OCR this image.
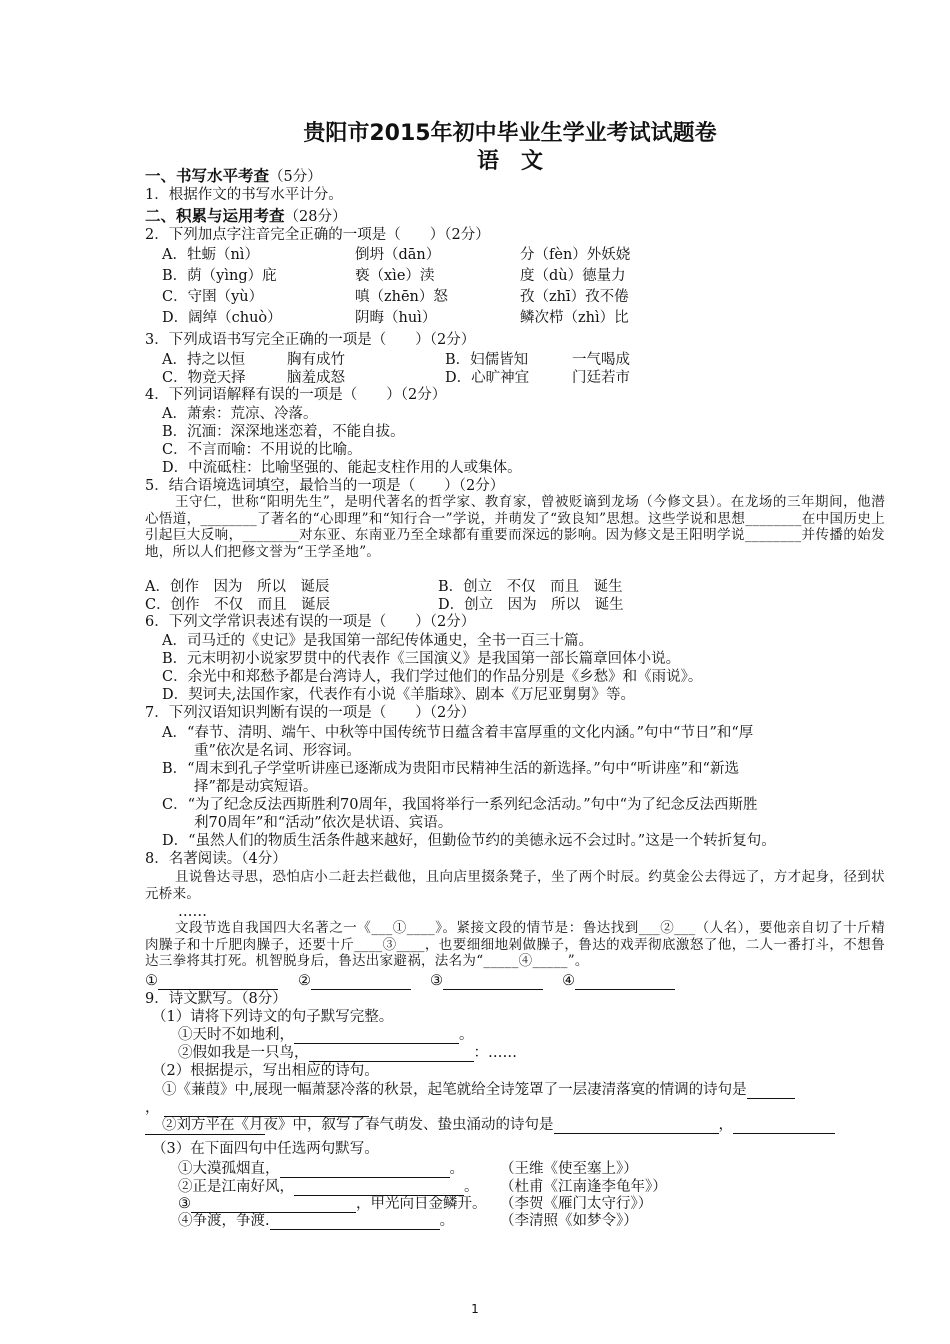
贵阳市2015年初中毕业生学业考试试题卷
语　文
一、书写水平考查（5分）
1．根据作文的书写水平计分。
二、积累与运用考查（28分）
2．下列加点字注音完全正确的一项是（　　）（2分）
A．牡蛎（nì）	倒坍（dān）	分（fèn）外妖娆
B．荫（yìng）庇	亵（xìe）渎	度（dù）德量力
C．守圉（yù）	嗔（zhēn）怒	孜（zhī）孜不倦
D．阔绰（chuò）	阴晦（huì）	鳞次栉（zhì）比
3．下列成语书写完全正确的一项是（　　）（2分）
A．持之以恒	胸有成竹	B．妇儒皆知	一气喝成
C．物竞天择	脑羞成怒	D．心旷神宜	门廷若市
4．下列词语解释有误的一项是（　　）（2分）
A．萧索：荒凉、冷落。
B．沉湎：深深地迷恋着，不能自拔。
C．不言而喻：不用说的比喻。
D．中流砥柱：比喻坚强的、能起支柱作用的人或集体。
5．结合语境选词填空，最恰当的一项是（　　）（2分）
王守仁，世称“阳明先生”，是明代著名的哲学家、教育家，曾被贬谪到龙场（今修文县）。在龙场的三年期间，他潜心悟道，________了著名的“心即理”和“知行合一”学说，并萌发了“致良知”思想。这些学说和思想________在中国历史上引起巨大反响，________对东亚、东南亚乃至全球都有重要而深远的影响。因为修文是王阳明学说________并传播的始发地，所以人们把修文誉为“王学圣地”。
A．创作　因为　所以　诞辰	B．创立　不仅　而且　诞生
C．创作　不仅　而且　诞辰	D．创立　因为　所以　诞生
6．下列文学常识表述有误的一项是（　　）（2分）
A．司马迁的《史记》是我国第一部纪传体通史，全书一百三十篇。
B．元末明初小说家罗贯中的代表作《三国演义》是我国第一部长篇章回体小说。
C．余光中和郑愁予都是台湾诗人，我们学过他们的作品分别是《乡愁》和《雨说》。
D．契诃夫,法国作家，代表作有小说《羊脂球》、剧本《万尼亚舅舅》等。
7．下列汉语知识判断有误的一项是（　　）（2分）
A．“春节、清明、端午、中秋等中国传统节日蕴含着丰富厚重的文化内涵。”句中“节日”和“厚
重”依次是名词、形容词。
B．“周末到孔子学堂听讲座已逐渐成为贵阳市民精神生活的新选择。”句中“听讲座”和“新选
择”都是动宾短语。
C．“为了纪念反法西斯胜利70周年，我国将举行一系列纪念活动。”句中“为了纪念反法西斯胜
利70周年”和“活动”依次是状语、宾语。
D．“虽然人们的物质生活条件越来越好，但勤俭节约的美德永远不会过时。”这是一个转折复句。
8．名著阅读。（4分）
且说鲁达寻思，恐怕店小二赶去拦截他，且向店里掇条凳子，坐了两个时辰。约莫金公去得远了，方才起身，径到状元桥来。
……
文段节选自我国四大名著之一《___①____》。紧接文段的情节是：鲁达找到___②___（人名），要他亲自切了十斤精肉臊子和十斤肥肉臊子，还要十斤____③____，也要细细地剁做臊子，鲁达的戏弄彻底激怒了他，二人一番打斗，不想鲁达三拳将其打死。机智脱身后，鲁达出家避祸，法名为“_____④_____”。
①	②	③	④
9．诗文默写。（8分）
（1）请将下列诗文的句子默写完整。
①天时不如地利，	。
②假如我是一只鸟，	：……
（2）根据提示，写出相应的诗句。
①《蒹葭》中,展现一幅萧瑟冷落的秋景，起笔就给全诗笼罩了一层凄清落寞的情调的诗句是
，
②刘方平在《月夜》中，叙写了春气萌发、蛰虫涌动的诗句是	，
（3）在下面四句中任选两句默写。
①大漠孤烟直，	。 （王维《使至塞上》）
②正是江南好风，	。 （杜甫《江南逢李龟年》）
③	，甲光向日金鳞开。 （李贺《雁门太守行》）
④争渡，争渡.	。	（李清照《如梦令》）
1
